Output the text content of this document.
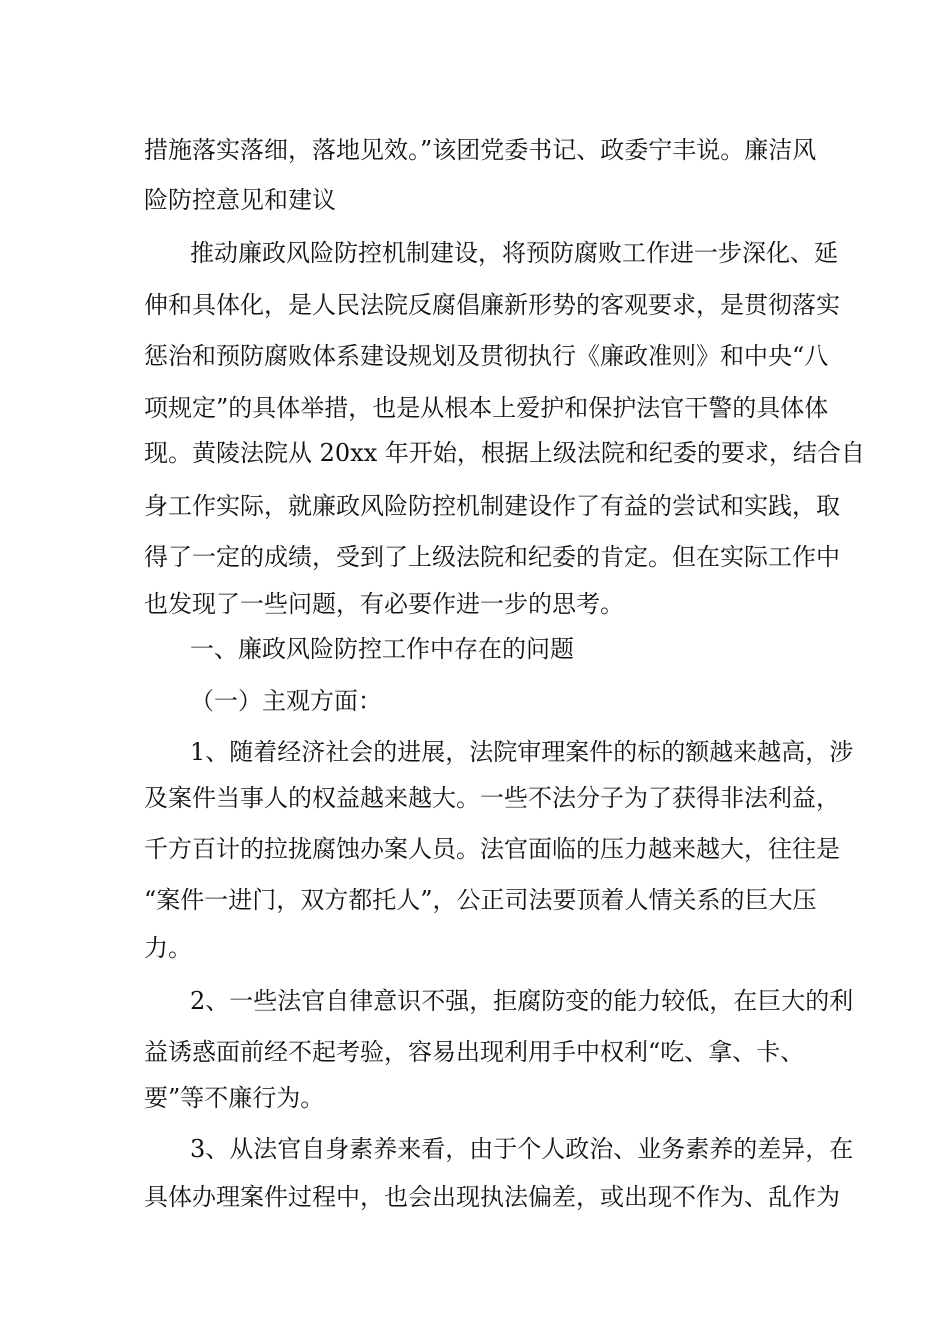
措施落实落细，落地见效。”该团党委书记、政委宁丰说。廉洁风
险防控意见和建议
推动廉政风险防控机制建设，将预防腐败工作进一步深化、延
伸和具体化，是人民法院反腐倡廉新形势的客观要求，是贯彻落实
惩治和预防腐败体系建设规划及贯彻执行《廉政准则》和中央“八
项规定”的具体举措，也是从根本上爱护和保护法官干警的具体体
现。黄陵法院从 20xx 年开始，根据上级法院和纪委的要求，结合自
身工作实际，就廉政风险防控机制建设作了有益的尝试和实践，取
得了一定的成绩，受到了上级法院和纪委的肯定。但在实际工作中
也发现了一些问题，有必要作进一步的思考。
一、廉政风险防控工作中存在的问题
（一）主观方面：
1、随着经济社会的进展，法院审理案件的标的额越来越高，涉
及案件当事人的权益越来越大。一些不法分子为了获得非法利益，
千方百计的拉拢腐蚀办案人员。法官面临的压力越来越大，往往是
“案件一进门，双方都托人”，公正司法要顶着人情关系的巨大压
力。
2、一些法官自律意识不强，拒腐防变的能力较低，在巨大的利
益诱惑面前经不起考验，容易出现利用手中权利“吃、拿、卡、
要”等不廉行为。
3、从法官自身素养来看，由于个人政治、业务素养的差异，在
具体办理案件过程中，也会出现执法偏差，或出现不作为、乱作为
